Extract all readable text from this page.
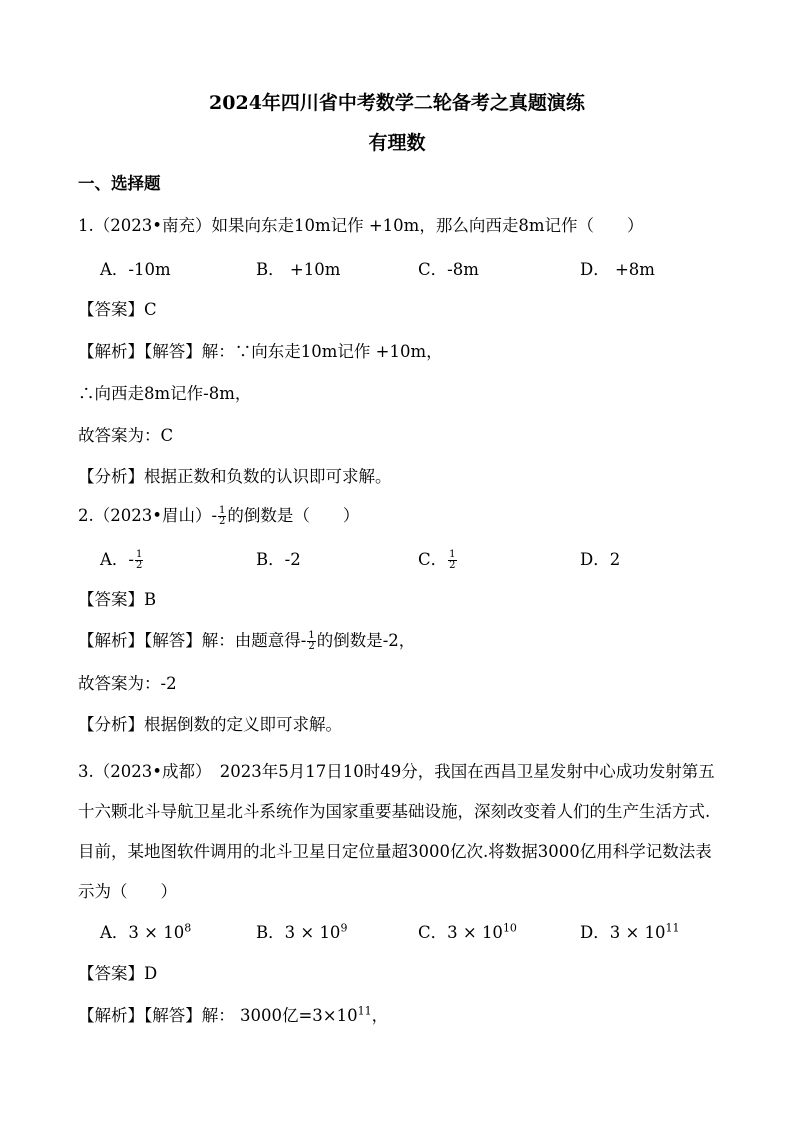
2024年四川省中考数学二轮备考之真题演练
有理数
一、选择题
1.（2023•南充）如果向东走10m记作 +10m，那么向西走8m记作（　　）
A．-10m	B． +10m	C．-8m	D． +8m
【答案】C
【解析】【解答】解：∵向东走10m记作 +10m，
∴向西走8m记作-8m，
故答案为：C
【分析】根据正数和负数的认识即可求解。
2.（2023•眉山）- $\frac{1}{2}$ 的倒数是（　　）
A．- $\frac{1}{2}$	B．-2	C． $\frac{1}{2}$	D．2
【答案】B
【解析】【解答】解：由题意得- $\frac{1}{2}$ 的倒数是-2，
故答案为：-2
【分析】根据倒数的定义即可求解。
3.（2023•成都）　2023年5月17日10时49分，我国在西昌卫星发射中心成功发射第五十六颗北斗导航卫星北斗系统作为国家重要基础设施，深刻改变着人们的生产生活方式.目前，某地图软件调用的北斗卫星日定位量超3000亿次.将数据3000亿用科学记数法表示为（　　）
A．$3 \times 10^8$	B．$3 \times 10^9$	C．$3 \times 10^{10}$	D．$3 \times 10^{11}$
【答案】D
【解析】【解答】解： 3000亿$=3\times 10^{11}$，
